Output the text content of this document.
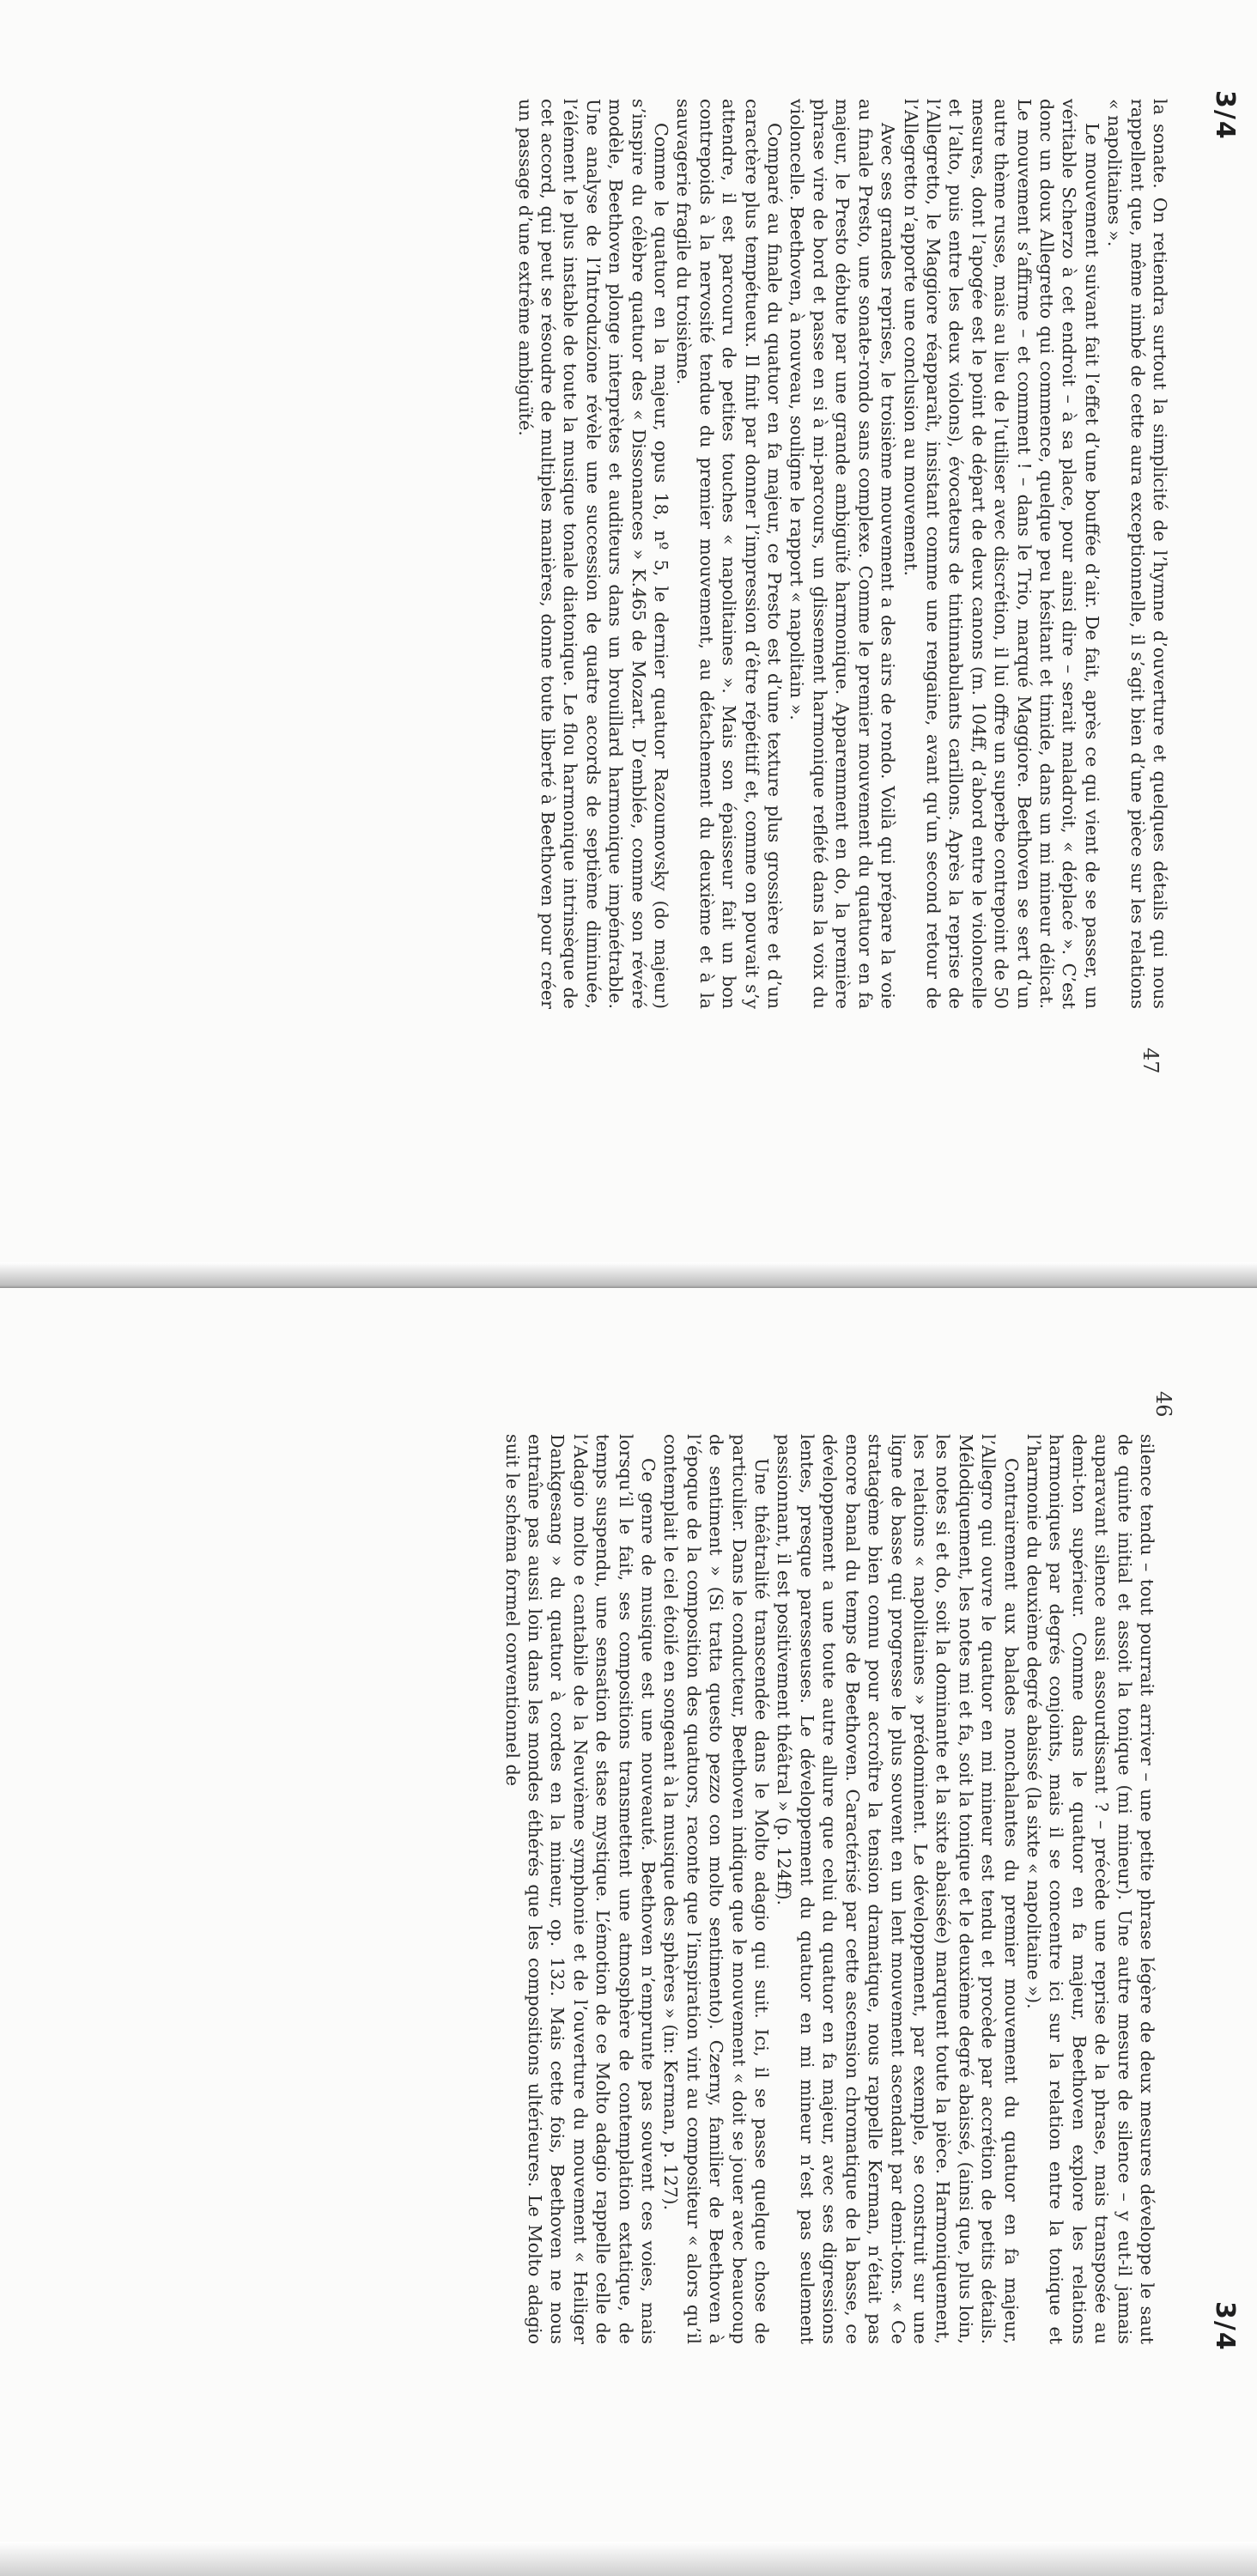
3/4

la sonate. On retiendra surtout la simplicité de l’hymne d’ouverture et quelques détails qui nous rappellent que, même nimbé de cette aura exceptionnelle, il s’agit bien d’une pièce sur les relations « napolitaines ».

Le mouvement suivant fait l’effet d’une bouffée d’air. De fait, après ce qui vient de se passer, un véritable Scherzo à cet endroit – à sa place, pour ainsi dire – serait maladroit, « déplacé ». C’est donc un doux Allegretto qui commence, quelque peu hésitant et timide, dans un mi mineur délicat. Le mouvement s’affirme – et comment ! – dans le Trio, marqué Maggiore. Beethoven se sert d’un autre thème russe, mais au lieu de l’utiliser avec discrétion, il lui offre un superbe contrepoint de 50 mesures, dont l’apogée est le point de départ de deux canons (m. 104ff, d’abord entre le violoncelle et l’alto, puis entre les deux violons), évocateurs de tintinnabulants carillons. Après la reprise de l’Allegretto, le Maggiore réapparaît, insistant comme une rengaine, avant qu’un second retour de l’Allegretto n’apporte une conclusion au mouvement.

Avec ses grandes reprises, le troisième mouvement a des airs de rondo. Voilà qui prépare la voie au finale Presto, une sonate-rondo sans complexe. Comme le premier mouvement du quatuor en fa majeur, le Presto débute par une grande ambiguïté harmonique. Apparemment en do, la première phrase vire de bord et passe en si à mi-parcours, un glissement harmonique reflété dans la voix du violoncelle. Beethoven, à nouveau, souligne le rapport « napolitain ».

Comparé au finale du quatuor en fa majeur, ce Presto est d’une texture plus grossière et d’un caractère plus tempétueux. Il finit par donner l’impression d’être répétitif et, comme on pouvait s’y attendre, il est parcouru de petites touches « napolitaines ». Mais son épaisseur fait un bon contrepoids à la nervosité tendue du premier mouvement, au détachement du deuxième et à la sauvagerie fragile du troisième.

Comme le quatuor en la majeur, opus 18, nº 5, le dernier quatuor Razoumovsky (do majeur) s’inspire du célèbre quatuor des « Dissonances » K.465 de Mozart. D’emblée, comme son révéré modèle, Beethoven plonge interprètes et auditeurs dans un brouillard harmonique impénétrable. Une analyse de l’Introduzione révèle une succession de quatre accords de septième diminuée, l’élément le plus instable de toute la musique tonale diatonique. Le flou harmonique intrinsèque de cet accord, qui peut se résoudre de multiples manières, donne toute liberté à Beethoven pour créer un passage d’une extrême ambiguïté.

47
46

silence tendu – tout pourrait arriver – une petite phrase légère de deux mesures développe le saut de quinte initial et assoit la tonique (mi mineur). Une autre mesure de silence – y eut-il jamais auparavant silence aussi assourdissant ? – précède une reprise de la phrase, mais transposée au demi-ton supérieur. Comme dans le quatuor en fa majeur, Beethoven explore les relations harmoniques par degrés conjoints, mais il se concentre ici sur la relation entre la tonique et l’harmonie du deuxième degré abaissé (la sixte « napolitaine »).

Contrairement aux balades nonchalantes du premier mouvement du quatuor en fa majeur, l’Allegro qui ouvre le quatuor en mi mineur est tendu et procède par accrétion de petits détails. Mélodiquement, les notes mi et fa, soit la tonique et le deuxième degré abaissé, (ainsi que, plus loin, les notes si et do, soit la dominante et la sixte abaissée) marquent toute la pièce. Harmoniquement, les relations « napolitaines » prédominent. Le développement, par exemple, se construit sur une ligne de basse qui progresse le plus souvent en un lent mouvement ascendant par demi-tons. « Ce stratagème bien connu pour accroître la tension dramatique, nous rappelle Kerman, n’était pas encore banal du temps de Beethoven. Caractérisé par cette ascension chromatique de la basse, ce développement a une toute autre allure que celui du quatuor en fa majeur, avec ses digressions lentes, presque paresseuses. Le développement du quatuor en mi mineur n’est pas seulement passionnant, il est positivement théâtral » (p. 124ff).

Une théâtralité transcendée dans le Molto adagio qui suit. Ici, il se passe quelque chose de particulier. Dans le conducteur, Beethoven indique que le mouvement « doit se jouer avec beaucoup de sentiment » (Si tratta questo pezzo con molto sentimento). Czerny, familier de Beethoven à l’époque de la composition des quatuors, raconte que l’inspiration vint au compositeur « alors qu’il contemplait le ciel étoilé en songeant à la musique des sphères » (in: Kerman, p. 127).

Ce genre de musique est une nouveauté. Beethoven n’emprunte pas souvent ces voies, mais lorsqu’il le fait, ses compositions transmettent une atmosphère de contemplation extatique, de temps suspendu, une sensation de stase mystique. L’émotion de ce Molto adagio rappelle celle de l’Adagio molto e cantabile de la Neuvième symphonie et de l’ouverture du mouvement « Heiliger Dankgesang » du quatuor à cordes en la mineur, op. 132. Mais cette fois, Beethoven ne nous entraîne pas aussi loin dans les mondes éthérés que les compositions ultérieures. Le Molto adagio suit le schéma formel conventionnel de

3/4
